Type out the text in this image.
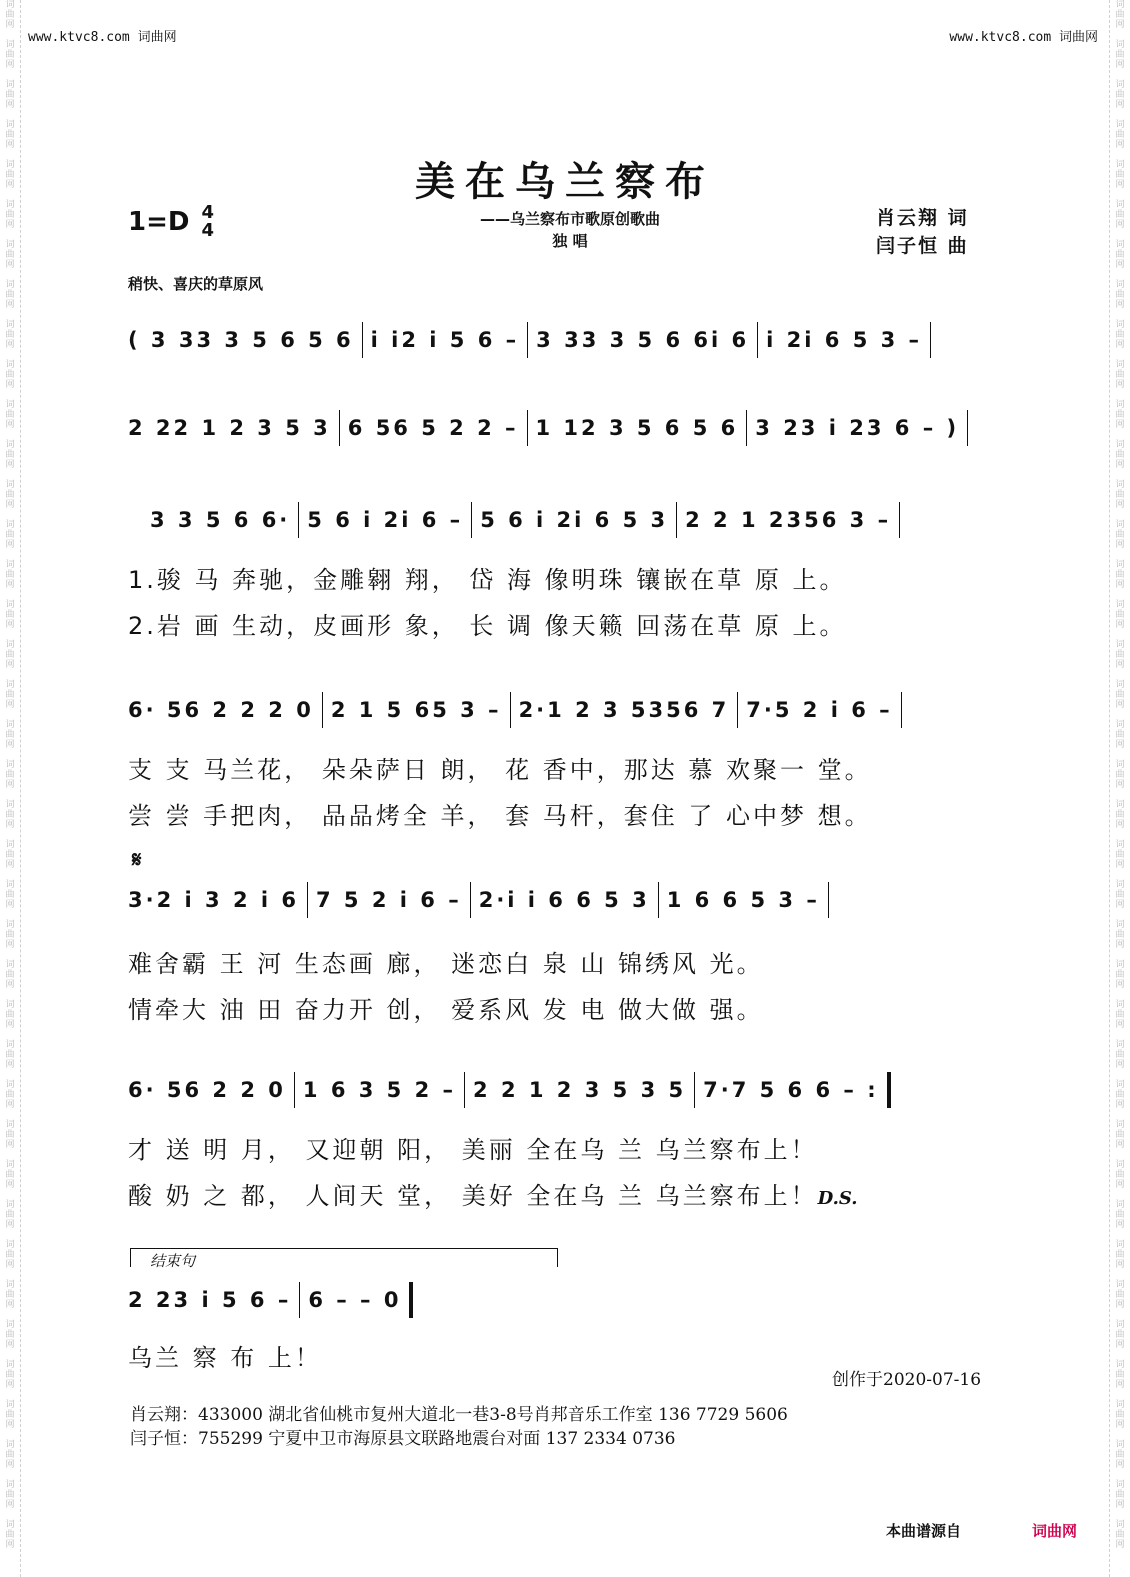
词
曲
网

词
曲
网

词
曲
网

词
曲
网

词
曲
网

词
曲
网

词
曲
网

词
曲
网

词
曲
网

词
曲
网

词
曲
网

词
曲
网

词
曲
网

词
曲
网

词
曲
网

词
曲
网

词
曲
网

词
曲
网

词
曲
网

词
曲
网

词
曲
网

词
曲
网

词
曲
网

词
曲
网

词
曲
网

词
曲
网

词
曲
网

词
曲
网

词
曲
网

词
曲
网

词
曲
网

词
曲
网

词
曲
网

词
曲
网

词
曲
网

词
曲
网

词
曲
网

词
曲
网

词
曲
网
词
曲
网

词
曲
网

词
曲
网

词
曲
网

词
曲
网

词
曲
网

词
曲
网

词
曲
网

词
曲
网

词
曲
网

词
曲
网

词
曲
网

词
曲
网

词
曲
网

词
曲
网

词
曲
网

词
曲
网

词
曲
网

词
曲
网

词
曲
网

词
曲
网

词
曲
网

词
曲
网

词
曲
网

词
曲
网

词
曲
网

词
曲
网

词
曲
网

词
曲
网

词
曲
网

词
曲
网

词
曲
网

词
曲
网

词
曲
网

词
曲
网

词
曲
网

词
曲
网

词
曲
网

词
曲
网
www.ktvc8.com 词曲网	www.ktvc8.com 词曲网
美在乌兰察布
——乌兰察布市歌原创歌曲
独 唱
1=D 4
4
肖云翔 词
闫子恒 曲
稍快、喜庆的草原风
( 3 33 3 5 6 5 6 i i2 i 5 6 – 3 33 3 5 6 6i 6 i 2i 6 5 3 –
2 22 1 2 3 5 3 6 56 5 2 2 – 1 12 3 5 6 5 6 3 23 i 23 6 – )
3 3 5 6 6· 5 6 i 2i 6 – 5 6 i 2i 6 5 3 2 2 1 2356 3 –
1.骏 马 奔驰，金雕翱 翔， 岱 海 像明珠 镶嵌在草 原 上。
2.岩 画 生动，皮画形 象， 长 调 像天籁 回荡在草 原 上。
6· 56 2 2 2 0 2 1 5 65 3 – 2·1 2 3 5356 7 7·5 2 i 6 –
支 支 马兰花， 朵朵萨日 朗， 花 香中，那达 慕 欢聚一 堂。
尝 尝 手把肉， 品品烤全 羊， 套 马杆，套住 了 心中梦 想。
𝄋
3·2 i 3 2 i 6 7 5 2 i 6 – 2·i i 6 6 5 3 1 6 6 5 3 –
难舍霸 王 河 生态画 廊， 迷恋白 泉 山 锦绣风 光。
情牵大 油 田 奋力开 创， 爱系风 发 电 做大做 强。
6· 56 2 2 0 1 6 3 5 2 – 2 2 1 2 3 5 3 5 7·7 5 6 6 – :
才 送 明 月， 又迎朝 阳， 美丽 全在乌 兰 乌兰察布上！
酸 奶 之 都， 人间天 堂， 美好 全在乌 兰 乌兰察布上！D.S.
结束句
2 23 i 5 6 – 6 – – 0
乌兰 察 布 上！
创作于2020-07-16
肖云翔：433000 湖北省仙桃市复州大道北一巷3-8号肖邦音乐工作室 136 7729 5606
闫子恒：755299 宁夏中卫市海原县文联路地震台对面 137 2334 0736
本曲谱源自	词曲网
